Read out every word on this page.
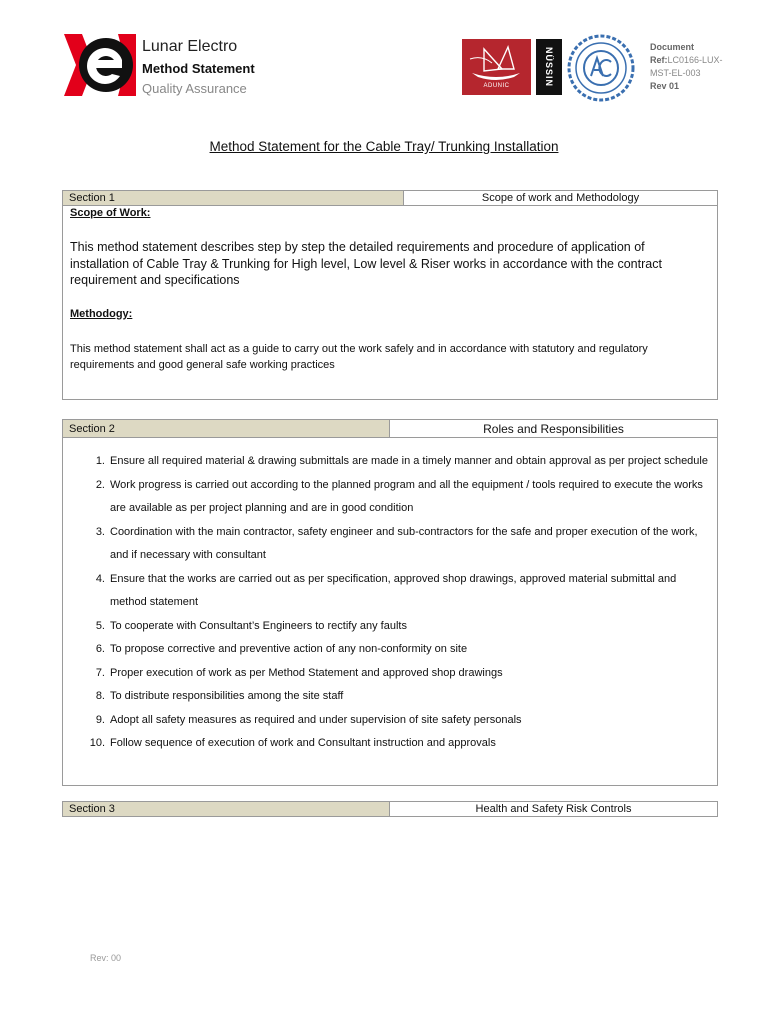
Lunar Electro
Method Statement
Quality Assurance	ADUNIC	NÜSSIN	Document
Ref:LC0166-LUX-MST-EL-003
Rev 01
Method Statement for the Cable Tray/ Trunking Installation
Section 1	Scope of work and Methodology
Scope of Work:
This method statement describes step by step the detailed requirements and procedure of application of installation of Cable Tray & Trunking for High level, Low level & Riser works in accordance with the contract requirement and specifications
Methodogy:
This method statement shall act as a guide to carry out the work safely and in accordance with statutory and regulatory requirements and good general safe working practices
Section 2	Roles and Responsibilities
1. Ensure all required material & drawing submittals are made in a timely manner and obtain approval as per project schedule
2. Work progress is carried out according to the planned program and all the equipment / tools required to execute the works are available as per project planning and are in good condition
3. Coordination with the main contractor, safety engineer and sub-contractors for the safe and proper execution of the work, and if necessary with consultant
4. Ensure that the works are carried out as per specification, approved shop drawings, approved material submittal and method statement
5. To cooperate with Consultant’s Engineers to rectify any faults
6. To propose corrective and preventive action of any non-conformity on site
7. Proper execution of work as per Method Statement and approved shop drawings
8. To distribute responsibilities among the site staff
9. Adopt all safety measures as required and under supervision of site safety personals
10. Follow sequence of execution of work and Consultant instruction and approvals
Section 3	Health and Safety Risk Controls
Rev: 00
